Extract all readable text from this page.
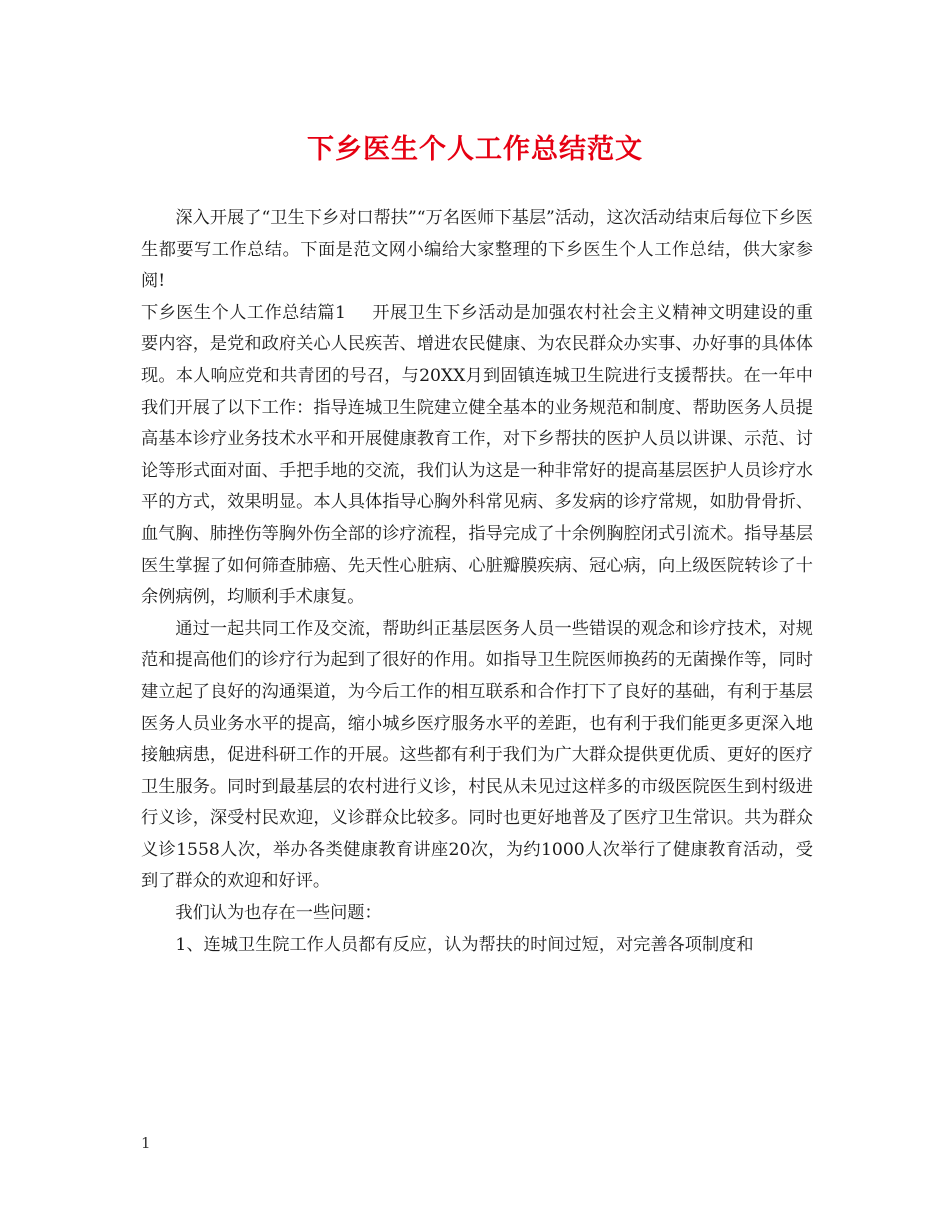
下乡医生个人工作总结范文

深入开展了“卫生下乡对口帮扶”“万名医师下基层”活动，这次活动结束后每位下乡医生都要写工作总结。下面是范文网小编给大家整理的下乡医生个人工作总结，供大家参阅!

下乡医生个人工作总结篇1 开展卫生下乡活动是加强农村社会主义精神文明建设的重要内容，是党和政府关心人民疾苦、增进农民健康、为农民群众办实事、办好事的具体体现。本人响应党和共青团的号召，与20XX月到固镇连城卫生院进行支援帮扶。在一年中我们开展了以下工作：指导连城卫生院建立健全基本的业务规范和制度、帮助医务人员提高基本诊疗业务技术水平和开展健康教育工作，对下乡帮扶的医护人员以讲课、示范、讨论等形式面对面、手把手地的交流，我们认为这是一种非常好的提高基层医护人员诊疗水平的方式，效果明显。本人具体指导心胸外科常见病、多发病的诊疗常规，如肋骨骨折、血气胸、肺挫伤等胸外伤全部的诊疗流程，指导完成了十余例胸腔闭式引流术。指导基层医生掌握了如何筛查肺癌、先天性心脏病、心脏瓣膜疾病、冠心病，向上级医院转诊了十余例病例，均顺利手术康复。

通过一起共同工作及交流，帮助纠正基层医务人员一些错误的观念和诊疗技术，对规范和提高他们的诊疗行为起到了很好的作用。如指导卫生院医师换药的无菌操作等，同时建立起了良好的沟通渠道，为今后工作的相互联系和合作打下了良好的基础，有利于基层医务人员业务水平的提高，缩小城乡医疗服务水平的差距，也有利于我们能更多更深入地接触病患，促进科研工作的开展。这些都有利于我们为广大群众提供更优质、更好的医疗卫生服务。同时到最基层的农村进行义诊，村民从未见过这样多的市级医院医生到村级进行义诊，深受村民欢迎，义诊群众比较多。同时也更好地普及了医疗卫生常识。共为群众义诊1558人次，举办各类健康教育讲座20次，为约1000人次举行了健康教育活动，受到了群众的欢迎和好评。

我们认为也存在一些问题：

1、连城卫生院工作人员都有反应，认为帮扶的时间过短，对完善各项制度和

1
